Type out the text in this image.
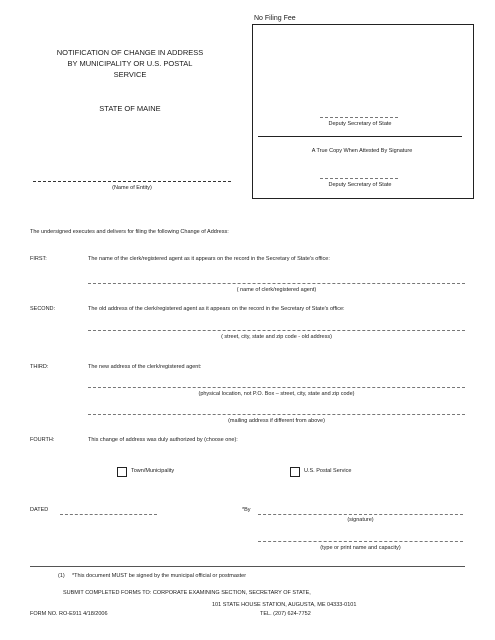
No Filing Fee
NOTIFICATION OF CHANGE IN ADDRESS
BY MUNICIPALITY OR U.S. POSTAL
SERVICE
STATE OF MAINE
(Name of Entity)
Deputy Secretary of State
A True Copy When Attested By Signature
Deputy Secretary of State
The undersigned executes and delivers for filing the following Change of Address:
FIRST:	The name of the clerk/registered agent as it appears on the record in the Secretary of State's office:
( name of clerk/registered agent)
SECOND:	The old address of the clerk/registered agent as it appears on the record in the Secretary of State's office:
( street, city, state and zip code - old address)
THIRD:	The new address of the clerk/registered agent:
(physical location, not P.O. Box – street, city, state and zip code)
(mailing address if different from above)
FOURTH:	This change of address was duly authorized by (choose one):
Town/Municipality	U.S. Postal Service
DATED	*By
(signature)
(type or print name and capacity)
(1) *This document MUST be signed by the municipal official or postmaster
SUBMIT COMPLETED FORMS TO: CORPORATE EXAMINING SECTION, SECRETARY OF STATE,
101 STATE HOUSE STATION, AUGUSTA, ME 04333-0101
TEL. (207) 624-7752
FORM NO. RO-E911 4/18/2006
